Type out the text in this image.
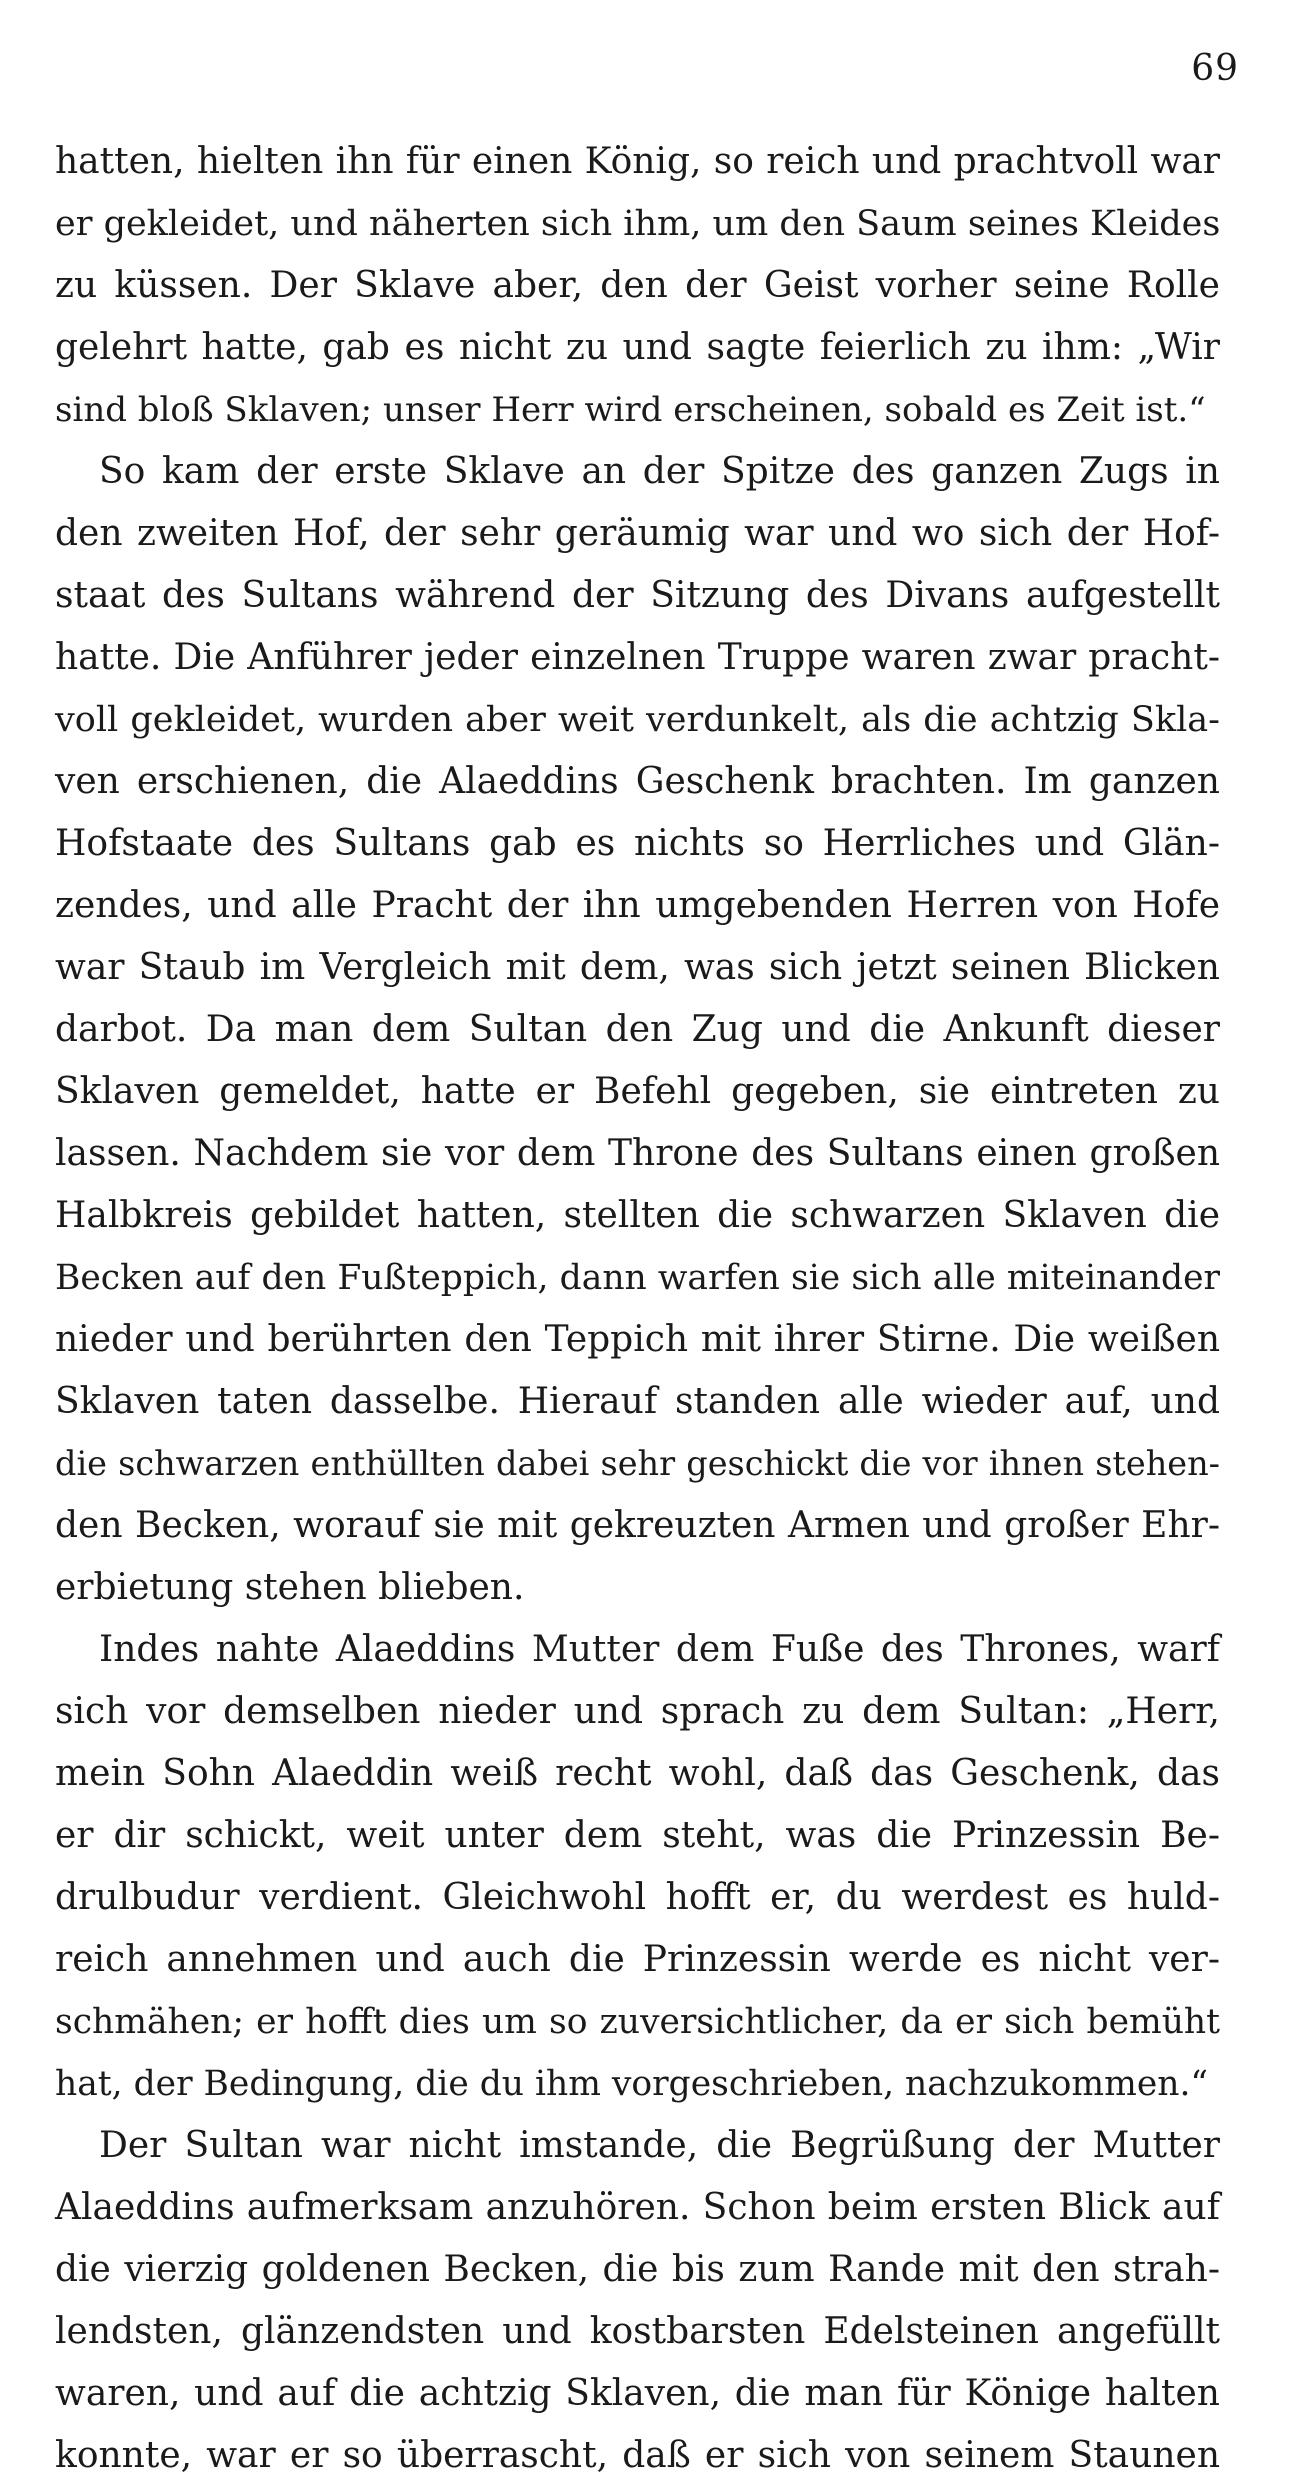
69
hatten, hielten ihn für einen König, so reich und prachtvoll war
er gekleidet, und näherten sich ihm, um den Saum seines Kleides
zu küssen. Der Sklave aber, den der Geist vorher seine Rolle
gelehrt hatte, gab es nicht zu und sagte feierlich zu ihm: „Wir
sind bloß Sklaven; unser Herr wird erscheinen, sobald es Zeit ist.“
So kam der erste Sklave an der Spitze des ganzen Zugs in
den zweiten Hof, der sehr geräumig war und wo sich der Hof-
staat des Sultans während der Sitzung des Divans aufgestellt
hatte. Die Anführer jeder einzelnen Truppe waren zwar pracht-
voll gekleidet, wurden aber weit verdunkelt, als die achtzig Skla-
ven erschienen, die Alaeddins Geschenk brachten. Im ganzen
Hofstaate des Sultans gab es nichts so Herrliches und Glän-
zendes, und alle Pracht der ihn umgebenden Herren von Hofe
war Staub im Vergleich mit dem, was sich jetzt seinen Blicken
darbot. Da man dem Sultan den Zug und die Ankunft dieser
Sklaven gemeldet, hatte er Befehl gegeben, sie eintreten zu
lassen. Nachdem sie vor dem Throne des Sultans einen großen
Halbkreis gebildet hatten, stellten die schwarzen Sklaven die
Becken auf den Fußteppich, dann warfen sie sich alle miteinander
nieder und berührten den Teppich mit ihrer Stirne. Die weißen
Sklaven taten dasselbe. Hierauf standen alle wieder auf, und
die schwarzen enthüllten dabei sehr geschickt die vor ihnen stehen-
den Becken, worauf sie mit gekreuzten Armen und großer Ehr-
erbietung stehen blieben.
Indes nahte Alaeddins Mutter dem Fuße des Thrones, warf
sich vor demselben nieder und sprach zu dem Sultan: „Herr,
mein Sohn Alaeddin weiß recht wohl, daß das Geschenk, das
er dir schickt, weit unter dem steht, was die Prinzessin Be-
drulbudur verdient. Gleichwohl hofft er, du werdest es huld-
reich annehmen und auch die Prinzessin werde es nicht ver-
schmähen; er hofft dies um so zuversichtlicher, da er sich bemüht
hat, der Bedingung, die du ihm vorgeschrieben, nachzukommen.“
Der Sultan war nicht imstande, die Begrüßung der Mutter
Alaeddins aufmerksam anzuhören. Schon beim ersten Blick auf
die vierzig goldenen Becken, die bis zum Rande mit den strah-
lendsten, glänzendsten und kostbarsten Edelsteinen angefüllt
waren, und auf die achtzig Sklaven, die man für Könige halten
konnte, war er so überrascht, daß er sich von seinem Staunen
